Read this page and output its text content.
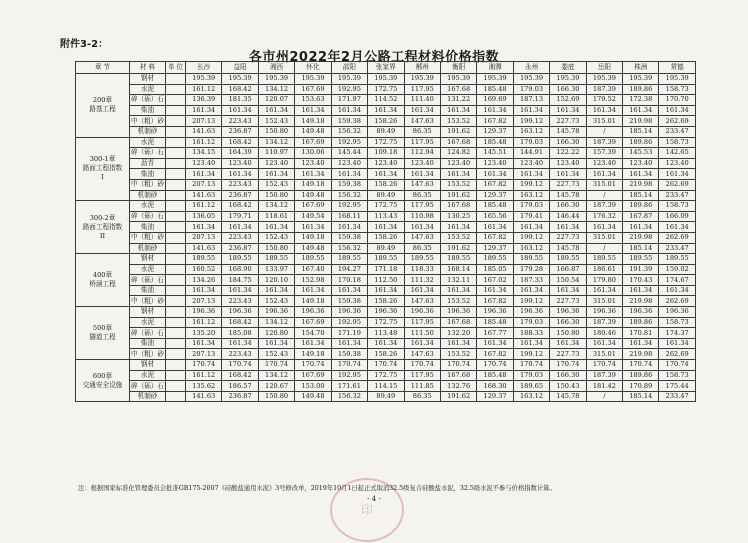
附件3-2：
各市州2022年2月公路工程材料价格指数
章 节	材 料	单 位	长沙	益阳	湘西	怀化	邵阳	张家界	郴州	衡阳	湘潭	永州	娄底	岳阳	株洲	常德
200章
路基工程	钢材		195.39	195.39	195.39	195.39	195.39	195.39	195.39	195.39	195.39	195.39	195.39	195.39	195.39	195.39
	水泥		161.12	168.42	134.12	167.69	192.95	172.75	117.95	167.68	185.48	179.03	166.30	187.39	189.86	158.73
	碎（砾）石		136.39	181.35	120.07	153.63	171.97	114.52	111.40	131.22	169.69	187.13	152.69	179.52	172.38	170.70
	柴油		161.34	161.34	161.34	161.34	161.34	161.34	161.34	161.34	161.34	161.34	161.34	161.34	161.34	161.34
	中（粗）砂		207.13	223.43	152.43	149.18	159.38	158.26	147.63	153.52	167.82	199.12	227.73	315.01	219.98	262.69
	机制砂		141.63	236.87	150.80	149.48	156.32	89.49	86.35	191.62	129.37	163.12	145.78	/	185.14	233.47
300-1章
路面工程指数
I	水泥		161.12	168.42	134.12	167.69	192.95	172.75	117.95	167.68	185.48	179.03	166.30	187.39	189.86	158.73
	碎（砾）石		134.15	164.39	110.97	130.06	145.44	109.18	112.94	124.82	145.51	144.91	122.22	157.39	145.53	142.65
	沥青		123.40	123.40	123.40	123.40	123.40	123.40	123.40	123.40	123.40	123.40	123.40	123.40	123.40	123.40
	柴油		161.34	161.34	161.34	161.34	161.34	161.34	161.34	161.34	161.34	161.34	161.34	161.34	161.34	161.34
	中（粗）砂		207.13	223.43	152.43	149.18	159.38	158.26	147.63	153.52	167.82	199.12	227.73	315.01	219.98	262.69
	机制砂		141.63	236.87	150.80	149.48	156.32	89.49	86.35	191.62	129.37	163.12	145.78	/	185.14	233.47
300-2章
路面工程指数
II	水泥		161.12	168.42	134.12	167.69	192.95	172.75	117.95	167.68	185.48	179.03	166.30	187.39	189.86	158.73
	碎（砾）石		136.05	179.71	118.61	149.54	168.11	113.43	110.98	130.25	165.56	179.41	146.44	176.32	167.87	166.09
	柴油		161.34	161.34	161.34	161.34	161.34	161.34	161.34	161.34	161.34	161.34	161.34	161.34	161.34	161.34
	中（粗）砂		207.13	223.43	152.43	149.18	159.38	158.26	147.63	153.52	167.82	199.12	227.73	315.01	219.98	262.69
	机制砂		141.63	236.87	150.80	149.48	156.32	89.49	86.35	191.62	129.37	163.12	145.78	/	185.14	233.47
400章
桥涵工程	钢材		189.55	189.55	189.55	189.55	189.55	189.55	189.55	189.55	189.55	189.55	189.55	189.55	189.55	189.55
	水泥		160.52	168.90	133.97	167.40	194.27	171.18	118.33	168.14	185.05	179.28	166.87	186.61	191.39	159.02
	碎（砾）石		134.26	184.75	120.10	152.98	170.18	112.50	111.32	132.11	167.02	187.33	150.54	179.80	170.43	174.67
	柴油		161.34	161.34	161.34	161.34	161.34	161.34	161.34	161.34	161.34	161.34	161.34	161.34	161.34	161.34
	中（粗）砂		207.13	223.43	152.43	149.18	159.38	158.26	147.63	153.52	167.82	199.12	227.73	315.01	219.98	262.69
500章
隧道工程	钢材		196.36	196.36	196.36	196.36	196.36	196.36	196.36	196.36	196.36	196.36	196.36	196.36	196.36	196.36
	水泥		161.12	168.42	134.12	167.69	192.95	172.75	117.95	167.68	185.48	179.03	166.30	187.39	189.86	158.73
	碎（砾）石		135.20	185.08	120.80	154.70	171.19	113.48	111.50	132.20	167.77	188.33	150.80	180.46	170.81	174.37
	柴油		161.34	161.34	161.34	161.34	161.34	161.34	161.34	161.34	161.34	161.34	161.34	161.34	161.34	161.34
	中（粗）砂		207.13	223.43	152.43	149.18	159.38	158.26	147.63	153.52	167.82	199.12	227.73	315.01	219.98	262.69
600章
交通安全设施	钢材		170.74	170.74	170.74	170.74	170.74	170.74	170.74	170.74	170.74	170.74	170.74	170.74	170.74	170.74
	水泥		161.12	168.42	134.12	167.69	192.95	172.75	117.95	167.68	185.48	179.03	166.30	187.39	189.86	158.73
	碎（砾）石		135.62	186.57	120.67	153.00	171.61	114.15	111.85	132.76	168.30	189.65	150.43	181.42	170.89	175.44
	机制砂		141.63	236.87	150.80	149.48	156.32	89.49	86.35	191.62	129.37	163.12	145.78	/	185.14	233.47
印
注：根据国家标准化管理委员会批准GB175-2007《硅酸盐通用水泥》3号修改单，2019年10月1日起正式取消32.5级复合硅酸盐水泥，32.5级水泥不参与价格指数计算。
- 4 -
